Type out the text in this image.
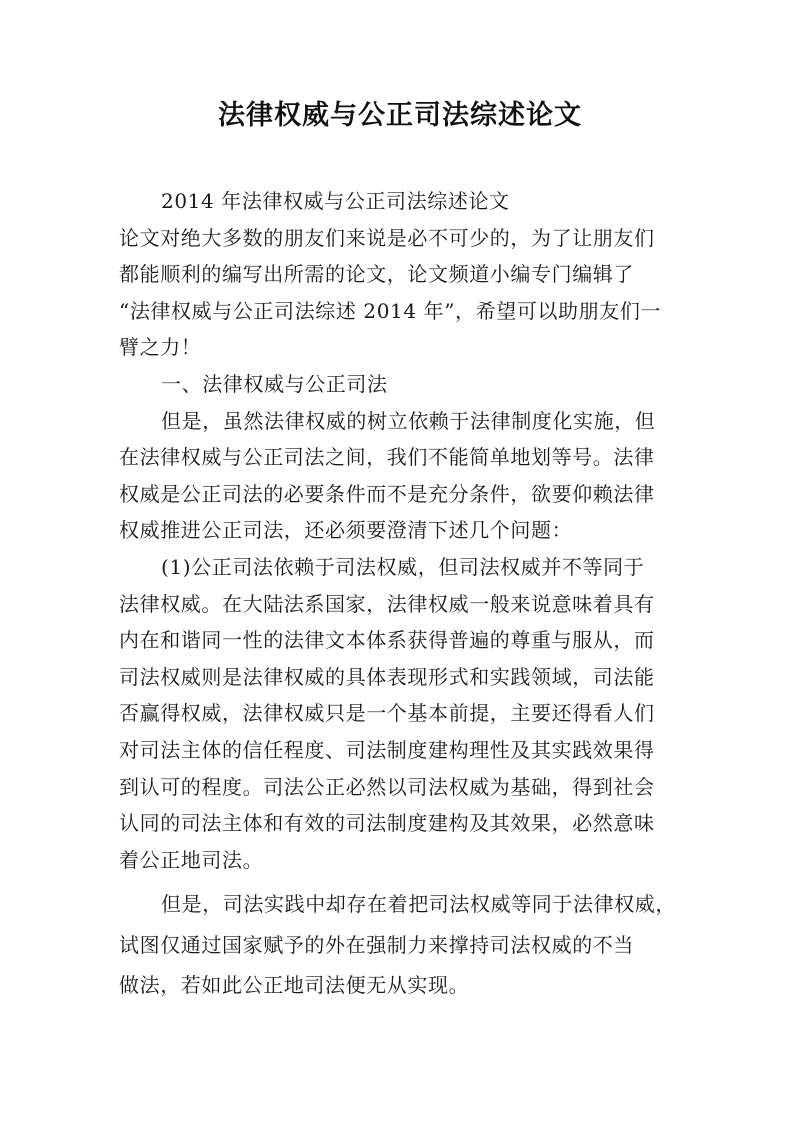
法律权威与公正司法综述论文
2014 年法律权威与公正司法综述论文
论文对绝大多数的朋友们来说是必不可少的，为了让朋友们
都能顺利的编写出所需的论文，论文频道小编专门编辑了
“法律权威与公正司法综述 2014 年”，希望可以助朋友们一
臂之力！
一、法律权威与公正司法
但是，虽然法律权威的树立依赖于法律制度化实施，但
在法律权威与公正司法之间，我们不能简单地划等号。法律
权威是公正司法的必要条件而不是充分条件，欲要仰赖法律
权威推进公正司法，还必须要澄清下述几个问题：
(1)公正司法依赖于司法权威，但司法权威并不等同于
法律权威。在大陆法系国家，法律权威一般来说意味着具有
内在和谐同一性的法律文本体系获得普遍的尊重与服从，而
司法权威则是法律权威的具体表现形式和实践领域，司法能
否赢得权威，法律权威只是一个基本前提，主要还得看人们
对司法主体的信任程度、司法制度建构理性及其实践效果得
到认可的程度。司法公正必然以司法权威为基础，得到社会
认同的司法主体和有效的司法制度建构及其效果，必然意味
着公正地司法。
但是，司法实践中却存在着把司法权威等同于法律权威，
试图仅通过国家赋予的外在强制力来撑持司法权威的不当
做法，若如此公正地司法便无从实现。
